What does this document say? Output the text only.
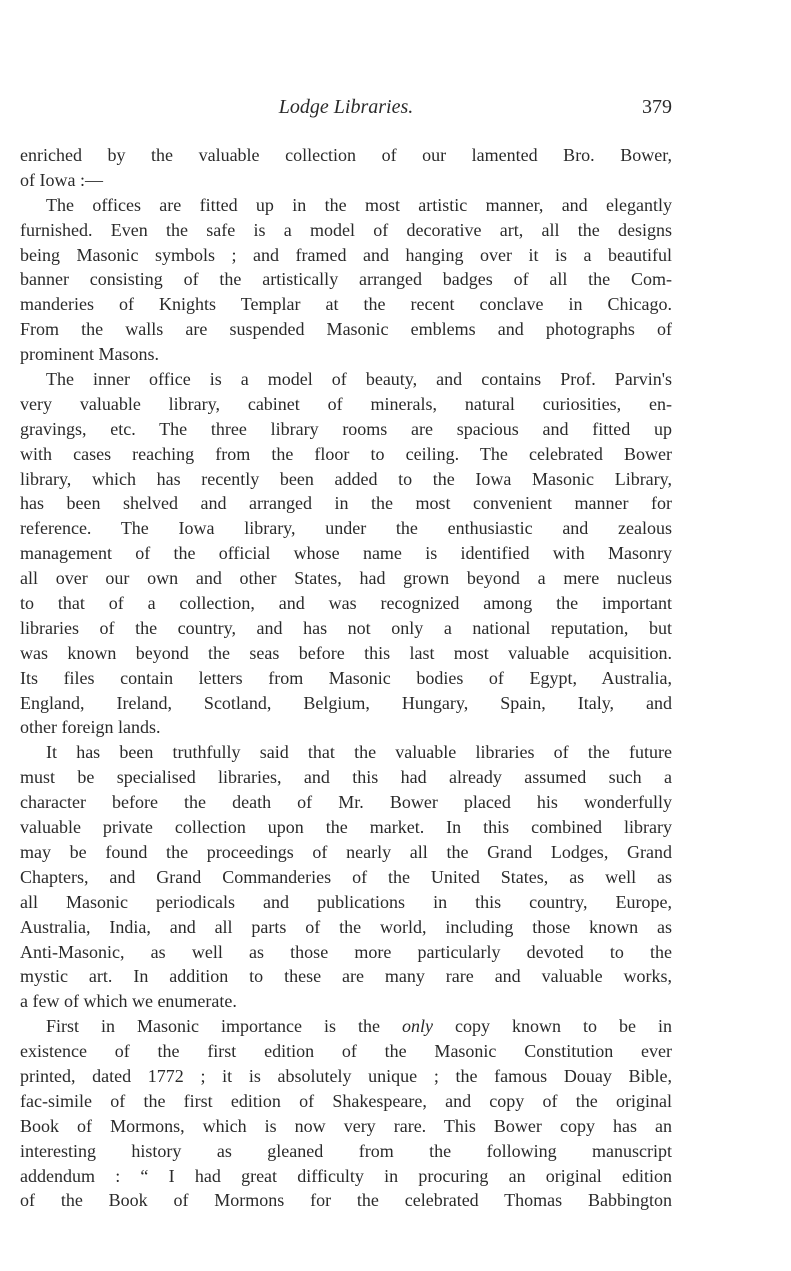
Lodge Libraries.	379
enriched by the valuable collection of our lamented Bro. Bower,
of Iowa :—
The offices are fitted up in the most artistic manner, and elegantly
furnished. Even the safe is a model of decorative art, all the designs
being Masonic symbols ; and framed and hanging over it is a beautiful
banner consisting of the artistically arranged badges of all the Com-
manderies of Knights Templar at the recent conclave in Chicago.
From the walls are suspended Masonic emblems and photographs of
prominent Masons.
The inner office is a model of beauty, and contains Prof. Parvin's
very valuable library, cabinet of minerals, natural curiosities, en-
gravings, etc. The three library rooms are spacious and fitted up
with cases reaching from the floor to ceiling. The celebrated Bower
library, which has recently been added to the Iowa Masonic Library,
has been shelved and arranged in the most convenient manner for
reference. The Iowa library, under the enthusiastic and zealous
management of the official whose name is identified with Masonry
all over our own and other States, had grown beyond a mere nucleus
to that of a collection, and was recognized among the important
libraries of the country, and has not only a national reputation, but
was known beyond the seas before this last most valuable acquisition.
Its files contain letters from Masonic bodies of Egypt, Australia,
England, Ireland, Scotland, Belgium, Hungary, Spain, Italy, and
other foreign lands.
It has been truthfully said that the valuable libraries of the future
must be specialised libraries, and this had already assumed such a
character before the death of Mr. Bower placed his wonderfully
valuable private collection upon the market. In this combined library
may be found the proceedings of nearly all the Grand Lodges, Grand
Chapters, and Grand Commanderies of the United States, as well as
all Masonic periodicals and publications in this country, Europe,
Australia, India, and all parts of the world, including those known as
Anti-Masonic, as well as those more particularly devoted to the
mystic art. In addition to these are many rare and valuable works,
a few of which we enumerate.
First in Masonic importance is the only copy known to be in
existence of the first edition of the Masonic Constitution ever
printed, dated 1772 ; it is absolutely unique ; the famous Douay Bible,
fac-simile of the first edition of Shakespeare, and copy of the original
Book of Mormons, which is now very rare. This Bower copy has an
interesting history as gleaned from the following manuscript
addendum : “ I had great difficulty in procuring an original edition
of the Book of Mormons for the celebrated Thomas Babbington
